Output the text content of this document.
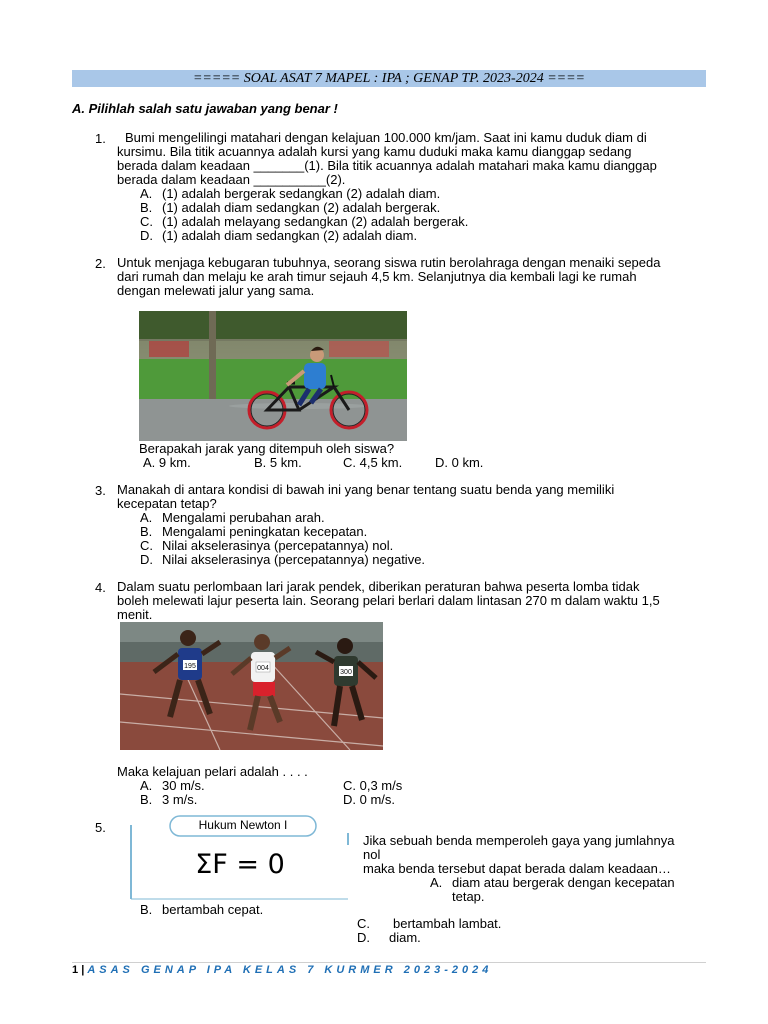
===== SOAL ASAT 7 MAPEL : IPA ; GENAP TP. 2023-2024 ====
A. Pilihlah salah satu jawaban yang benar !
1.	Bumi mengelilingi matahari dengan kelajuan 100.000 km/jam. Saat ini kamu duduk diam di
kursimu. Bila titik acuannya adalah kursi yang kamu duduki maka kamu dianggap sedang
berada dalam keadaan _______(1). Bila titik acuannya adalah matahari maka kamu dianggap
berada dalam keadaan __________(2).
A. (1) adalah bergerak sedangkan (2) adalah diam.
B. (1) adalah diam sedangkan (2) adalah bergerak.
C. (1) adalah melayang sedangkan (2) adalah bergerak.
D. (1) adalah diam sedangkan (2) adalah diam.
2. Untuk menjaga kebugaran tubuhnya, seorang siswa rutin berolahraga dengan menaiki sepeda
dari rumah dan melaju ke arah timur sejauh 4,5 km. Selanjutnya dia kembali lagi ke rumah
dengan melewati jalur yang sama.
Berapakah jarak yang ditempuh oleh siswa?
A. 9 km.	B. 5 km.	C. 4,5 km.	D. 0 km.
3. Manakah di antara kondisi di bawah ini yang benar tentang suatu benda yang memiliki
kecepatan tetap?
A. Mengalami perubahan arah.
B. Mengalami peningkatan kecepatan.
C. Nilai akselerasinya (percepatannya) nol.
D. Nilai akselerasinya (percepatannya) negative.
4. Dalam suatu perlombaan lari jarak pendek, diberikan peraturan bahwa peserta lomba tidak
boleh melewati lajur peserta lain. Seorang pelari berlari dalam lintasan 270 m dalam waktu 1,5
menit.
195	004
300
Maka kelajuan pelari adalah . . . .
A. 30 m/s.	C. 0,3 m/s
B. 3 m/s.	D. 0 m/s.
5.	Hukum Newton I
ΣF = 0
Jika sebuah benda memperoleh gaya yang jumlahnya
nol
maka benda tersebut dapat berada dalam keadaan…
A. diam atau bergerak dengan kecepatan
tetap.
B. bertambah cepat.
C. bertambah lambat.
D. diam.
1 | ASAS GENAP IPA KELAS 7 KURMER 2023-2024
